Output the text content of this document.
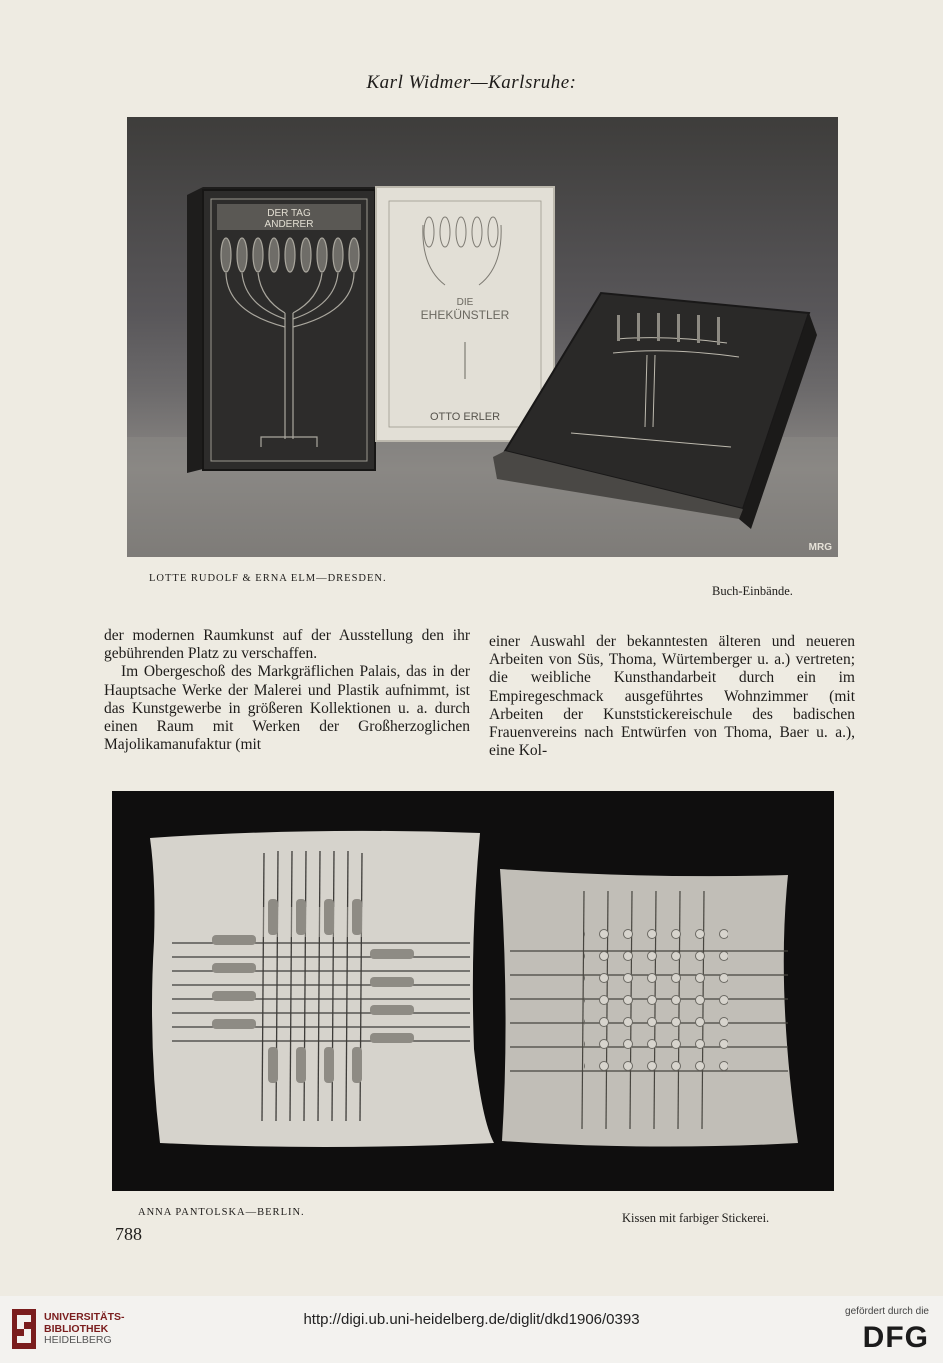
Karl Widmer—Karlsruhe:
DER TAG
ANDERER
DIE
EHEKÜNSTLER
OTTO ERLER
MRG
LOTTE RUDOLF & ERNA ELM—DRESDEN.
Buch-Einbände.

der modernen Raumkunst auf der Ausstellung den ihr gebührenden Platz zu verschaffen.

Im Obergeschoß des Markgräflichen Palais, das in der Hauptsache Werke der Malerei und Plastik aufnimmt, ist das Kunstgewerbe in größeren Kollektionen u. a. durch einen Raum mit Werken der Großherzoglichen Majolikamanufaktur (mit

einer Auswahl der bekanntesten älteren und neueren Arbeiten von Süs, Thoma, Würtemberger u. a.) vertreten; die weibliche Kunsthandarbeit durch ein im Empiregeschmack ausgeführtes Wohnzimmer (mit Arbeiten der Kunststickereischule des badischen Frauenvereins nach Entwürfen von Thoma, Baer u. a.), eine Kol-

ANNA PANTOLSKA—BERLIN.	Kissen mit farbiger Stickerei.
788
UNIVERSITÄTS-
BIBLIOTHEK
HEIDELBERG
http://digi.ub.uni-heidelberg.de/diglit/dkd1906/0393	gefördert durch die
DFG
